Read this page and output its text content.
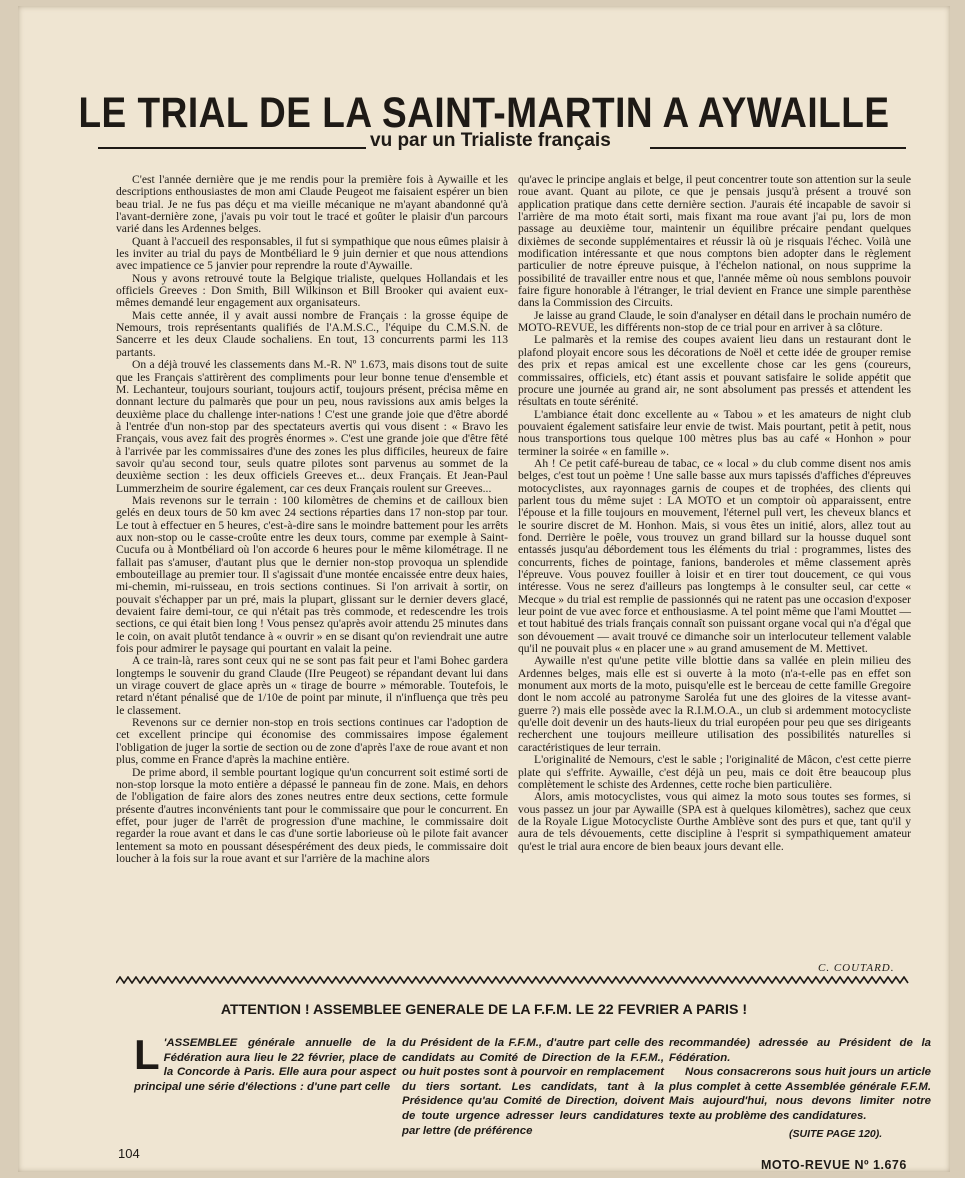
LE TRIAL DE LA SAINT-MARTIN A AYWAILLE
vu par un Trialiste français

C'est l'année dernière que je me rendis pour la première fois à Aywaille et les descriptions enthousiastes de mon ami Claude Peugeot me faisaient espérer un bien beau trial. Je ne fus pas déçu et ma vieille mécanique ne m'ayant abandonné qu'à l'avant-dernière zone, j'avais pu voir tout le tracé et goûter le plaisir d'un parcours varié dans les Ardennes belges.

Quant à l'accueil des responsables, il fut si sympathique que nous eûmes plaisir à les inviter au trial du pays de Montbéliard le 9 juin dernier et que nous attendions avec impatience ce 5 janvier pour reprendre la route d'Aywaille.

Nous y avons retrouvé toute la Belgique trialiste, quelques Hollandais et les officiels Greeves : Don Smith, Bill Wilkinson et Bill Brooker qui avaient eux-mêmes demandé leur engagement aux organisateurs.

Mais cette année, il y avait aussi nombre de Français : la grosse équipe de Nemours, trois représentants qualifiés de l'A.M.S.C., l'équipe du C.M.S.N. de Sancerre et les deux Claude sochaliens. En tout, 13 concurrents parmi les 113 partants.

On a déjà trouvé les classements dans M.-R. Nº 1.673, mais disons tout de suite que les Français s'attirèrent des compliments pour leur bonne tenue d'ensemble et M. Lechanteur, toujours souriant, toujours actif, toujours présent, précisa même en donnant lecture du palmarès que pour un peu, nous ravissions aux amis belges la deuxième place du challenge inter-nations ! C'est une grande joie que d'être abordé à l'entrée d'un non-stop par des spectateurs avertis qui vous disent : « Bravo les Français, vous avez fait des progrès énormes ». C'est une grande joie que d'être fêté à l'arrivée par les commissaires d'une des zones les plus difficiles, heureux de faire savoir qu'au second tour, seuls quatre pilotes sont parvenus au sommet de la deuxième section : les deux officiels Greeves et... deux Français. Et Jean-Paul Lummerzheim de sourire également, car ces deux Français roulent sur Greeves...

Mais revenons sur le terrain : 100 kilomètres de chemins et de cailloux bien gelés en deux tours de 50 km avec 24 sections réparties dans 17 non-stop par tour. Le tout à effectuer en 5 heures, c'est-à-dire sans le moindre battement pour les arrêts aux non-stop ou le casse-croûte entre les deux tours, comme par exemple à Saint-Cucufa ou à Montbéliard où l'on accorde 6 heures pour le même kilométrage. Il ne fallait pas s'amuser, d'autant plus que le dernier non-stop provoqua un splendide embouteillage au premier tour. Il s'agissait d'une montée encaissée entre deux haies, mi-chemin, mi-ruisseau, en trois sections continues. Si l'on arrivait à sortir, on pouvait s'échapper par un pré, mais la plupart, glissant sur le dernier devers glacé, devaient faire demi-tour, ce qui n'était pas très commode, et redescendre les trois sections, ce qui était bien long ! Vous pensez qu'après avoir attendu 25 minutes dans le coin, on avait plutôt tendance à « ouvrir » en se disant qu'on reviendrait une autre fois pour admirer le paysage qui pourtant en valait la peine.

A ce train-là, rares sont ceux qui ne se sont pas fait peur et l'ami Bohec gardera longtemps le souvenir du grand Claude (IIre Peugeot) se répandant devant lui dans un virage couvert de glace après un « tirage de bourre » mémorable. Toutefois, le retard n'étant pénalisé que de 1/10e de point par minute, il n'influença que très peu le classement.

Revenons sur ce dernier non-stop en trois sections continues car l'adoption de cet excellent principe qui économise des commissaires impose également l'obligation de juger la sortie de section ou de zone d'après l'axe de roue avant et non plus, comme en France d'après la machine entière.

De prime abord, il semble pourtant logique qu'un concurrent soit estimé sorti de non-stop lorsque la moto entière a dépassé le panneau fin de zone. Mais, en dehors de l'obligation de faire alors des zones neutres entre deux sections, cette formule présente d'autres inconvénients tant pour le commissaire que pour le concurrent. En effet, pour juger de l'arrêt de progression d'une machine, le commissaire doit regarder la roue avant et dans le cas d'une sortie laborieuse où le pilote fait avancer lentement sa moto en poussant désespérément des deux pieds, le commissaire doit loucher à la fois sur la roue avant et sur l'arrière de la machine alors

qu'avec le principe anglais et belge, il peut concentrer toute son attention sur la seule roue avant. Quant au pilote, ce que je pensais jusqu'à présent a trouvé son application pratique dans cette dernière section. J'aurais été incapable de savoir si l'arrière de ma moto était sorti, mais fixant ma roue avant j'ai pu, lors de mon passage au deuxième tour, maintenir un équilibre précaire pendant quelques dixièmes de seconde supplémentaires et réussir là où je risquais l'échec. Voilà une modification intéressante et que nous comptons bien adopter dans le règlement particulier de notre épreuve puisque, à l'échelon national, on nous supprime la possibilité de travailler entre nous et que, l'année même où nous semblons pouvoir faire figure honorable à l'étranger, le trial devient en France une simple parenthèse dans la Commission des Circuits.

Je laisse au grand Claude, le soin d'analyser en détail dans le prochain numéro de MOTO-REVUE, les différents non-stop de ce trial pour en arriver à sa clôture.

Le palmarès et la remise des coupes avaient lieu dans un restaurant dont le plafond ployait encore sous les décorations de Noël et cette idée de grouper remise des prix et repas amical est une excellente chose car les gens (coureurs, commissaires, officiels, etc) étant assis et pouvant satisfaire le solide appétit que procure une journée au grand air, ne sont absolument pas pressés et attendent les résultats en toute sérénité.

L'ambiance était donc excellente au « Tabou » et les amateurs de night club pouvaient également satisfaire leur envie de twist. Mais pourtant, petit à petit, nous nous transportions tous quelque 100 mètres plus bas au café « Honhon » pour terminer la soirée « en famille ».

Ah ! Ce petit café-bureau de tabac, ce « local » du club comme disent nos amis belges, c'est tout un poème ! Une salle basse aux murs tapissés d'affiches d'épreuves motocyclistes, aux rayonnages garnis de coupes et de trophées, des clients qui parlent tous du même sujet : LA MOTO et un comptoir où apparaissent, entre l'épouse et la fille toujours en mouvement, l'éternel pull vert, les cheveux blancs et le sourire discret de M. Honhon. Mais, si vous êtes un initié, alors, allez tout au fond. Derrière le poêle, vous trouvez un grand billard sur la housse duquel sont entassés jusqu'au débordement tous les éléments du trial : programmes, listes des concurrents, fiches de pointage, fanions, banderoles et même classement après l'épreuve. Vous pouvez fouiller à loisir et en tirer tout doucement, ce qui vous intéresse. Vous ne serez d'ailleurs pas longtemps à le consulter seul, car cette « Mecque » du trial est remplie de passionnés qui ne ratent pas une occasion d'exposer leur point de vue avec force et enthousiasme. A tel point même que l'ami Mouttet — et tout habitué des trials français connaît son puissant organe vocal qui n'a d'égal que son dévouement — avait trouvé ce dimanche soir un interlocuteur tellement valable qu'il ne pouvait plus « en placer une » au grand amusement de M. Mettivet.

Aywaille n'est qu'une petite ville blottie dans sa vallée en plein milieu des Ardennes belges, mais elle est si ouverte à la moto (n'a-t-elle pas en effet son monument aux morts de la moto, puisqu'elle est le berceau de cette famille Gregoire dont le nom accolé au patronyme Saroléa fut une des gloires de la vitesse avant-guerre ?) mais elle possède avec la R.I.M.O.A., un club si ardemment motocycliste qu'elle doit devenir un des hauts-lieux du trial européen pour peu que ses dirigeants recherchent une toujours meilleure utilisation des possibilités naturelles si caractéristiques de leur terrain.

L'originalité de Nemours, c'est le sable ; l'originalité de Mâcon, c'est cette pierre plate qui s'effrite. Aywaille, c'est déjà un peu, mais ce doit être beaucoup plus complètement le schiste des Ardennes, cette roche bien particulière.

Alors, amis motocyclistes, vous qui aimez la moto sous toutes ses formes, si vous passez un jour par Aywaille (SPA est à quelques kilomètres), sachez que ceux de la Royale Ligue Motocycliste Ourthe Amblève sont des purs et que, tant qu'il y aura de tels dévouements, cette discipline à l'esprit si sympathiquement amateur qu'est le trial aura encore de bien beaux jours devant elle.

C. COUTARD.
ATTENTION ! ASSEMBLEE GENERALE DE LA F.F.M. LE 22 FEVRIER A PARIS !

L 'ASSEMBLEE générale annuelle de la Fédération aura lieu le 22 février, place de la Concorde à Paris. Elle aura pour aspect principal une série d'élections : d'une part celle

du Président de la F.F.M., d'autre part celle des candidats au Comité de Direction de la F.F.M., ou huit postes sont à pourvoir en remplacement du tiers sortant. Les candidats, tant à la Présidence qu'au Comité de Direction, doivent de toute urgence adresser leurs candidatures par lettre (de préférence

recommandée) adressée au Président de la Fédération.

Nous consacrerons sous huit jours un article plus complet à cette Assemblée générale F.F.M. Mais aujourd'hui, nous devons limiter notre texte au problème des candidatures.

(SUITE PAGE 120).
104
MOTO-REVUE Nº 1.676
